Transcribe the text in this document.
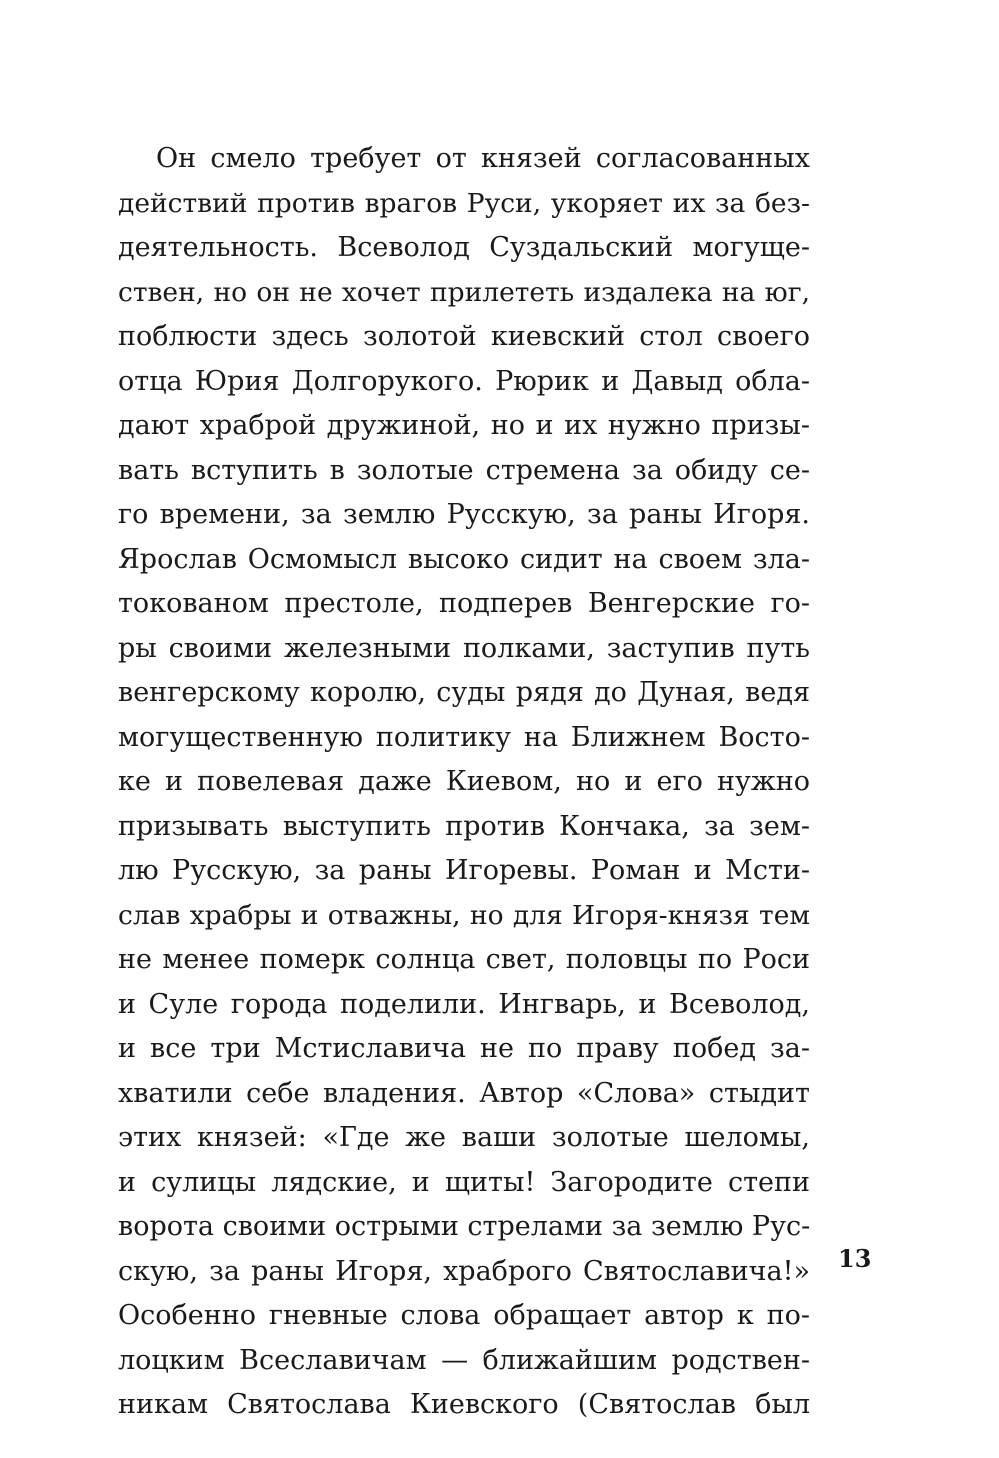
Он смело требует от князей согласованных
действий против врагов Руси, укоряет их за без-
деятельность. Всеволод Суздальский могуще-
ствен, но он не хочет прилететь издалека на юг,
поблюсти здесь золотой киевский стол своего
отца Юрия Долгорукого. Рюрик и Давыд обла-
дают храброй дружиной, но и их нужно призы-
вать вступить в золотые стремена за обиду се-
го времени, за землю Русскую, за раны Игоря.
Ярослав Осмомысл высоко сидит на своем зла-
токованом престоле, подперев Венгерские го-
ры своими железными полками, заступив путь
венгерскому королю, суды рядя до Дуная, ведя
могущественную политику на Ближнем Восто-
ке и повелевая даже Киевом, но и его нужно
призывать выступить против Кончака, за зем-
лю Русскую, за раны Игоревы. Роман и Мсти-
слав храбры и отважны, но для Игоря-князя тем
не менее померк солнца свет, половцы по Роси
и Суле города поделили. Ингварь, и Всеволод,
и все три Мстиславича не по праву побед за-
хватили себе владения. Автор «Слова» стыдит
этих князей: «Где же ваши золотые шеломы,
и сулицы лядские, и щиты! Загородите степи
ворота своими острыми стрелами за землю Рус-
скую, за раны Игоря, храброго Святославича!»
Особенно гневные слова обращает автор к по-
лоцким Всеславичам — ближайшим родствен-
никам Святослава Киевского (Святослав был
13
